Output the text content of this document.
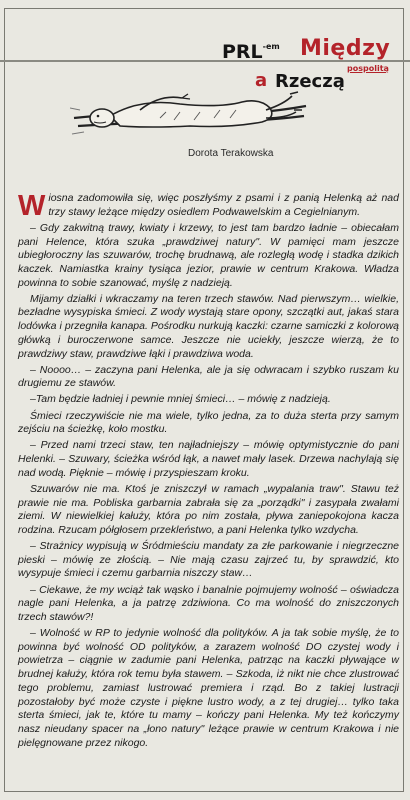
$PRL^{-em}$ Między
a Rzeczą
pospolitą
Dorota Terakowska

Wiosna zadomowiła się, więc poszłyśmy z psami i z panią Helenką aż nad trzy stawy leżące między osiedlem Podwawelskim a Cegielnianym.

– Gdy zakwitną trawy, kwiaty i krzewy, to jest tam bardzo ładnie – obiecałam pani Helence, która szuka „prawdziwej natury". W pamięci mam jeszcze ubiegłoroczny las szuwarów, trochę brudnawą, ale rozległą wodę i stadka dzikich kaczek. Namiastka krainy tysiąca jezior, prawie w centrum Krakowa. Władza powinna to sobie szanować, myślę z nadzieją.

Mijamy działki i wkraczamy na teren trzech stawów. Nad pierwszym… wielkie, bezładne wysypiska śmieci. Z wody wystają stare opony, szczątki aut, jakaś stara lodówka i przegniła kanapa. Pośrodku nurkują kaczki: czarne samiczki z kolorową główką i buroczerwone samce. Jeszcze nie uciekły, jeszcze wierzą, że to prawdziwy staw, prawdziwe łąki i prawdziwa woda.

– Noooo… – zaczyna pani Helenka, ale ja się odwracam i szybko ruszam ku drugiemu ze stawów.

–Tam będzie ładniej i pewnie mniej śmieci… – mówię z nadzieją.

Śmieci rzeczywiście nie ma wiele, tylko jedna, za to duża sterta przy samym zejściu na ścieżkę, koło mostku.

– Przed nami trzeci staw, ten najładniejszy – mówię optymistycznie do pani Helenki. – Szuwary, ścieżka wśród łąk, a nawet mały lasek. Drzewa nachylają się nad wodą. Pięknie – mówię i przyspieszam kroku.

Szuwarów nie ma. Ktoś je zniszczył w ramach „wypalania traw". Stawu też prawie nie ma. Pobliska garbarnia zabrała się za „porządki" i zasypała zwałami ziemi. W niewielkiej kałuży, która po nim została, pływa zaniepokojona kacza rodzina. Rzucam półgłosem przekleństwo, a pani Helenka tylko wzdycha.

– Strażnicy wypisują w Śródmieściu mandaty za złe parkowanie i niegrzeczne pieski – mówię ze złością. – Nie mają czasu zajrzeć tu, by sprawdzić, kto wysypuje śmieci i czemu garbarnia niszczy staw…

– Ciekawe, że my wciąż tak wąsko i banalnie pojmujemy wolność – oświadcza nagle pani Helenka, a ja patrzę zdziwiona. Co ma wolność do zniszczonych trzech stawów?!

– Wolność w RP to jedynie wolność dla polityków. A ja tak sobie myślę, że to powinna być wolność OD polityków, a zarazem wolność DO czystej wody i powietrza – ciągnie w zadumie pani Helenka, patrząc na kaczki pływające w brudnej kałuży, która rok temu była stawem. – Szkoda, iż nikt nie chce zlustrować tego problemu, zamiast lustrować premiera i rząd. Bo z takiej lustracji pozostałoby być może czyste i piękne lustro wody, a z tej drugiej… tylko taka sterta śmieci, jak te, które tu mamy – kończy pani Helenka. My też kończymy nasz nieudany spacer na „łono natury" leżące prawie w centrum Krakowa i nie pielęgnowane przez nikogo.
